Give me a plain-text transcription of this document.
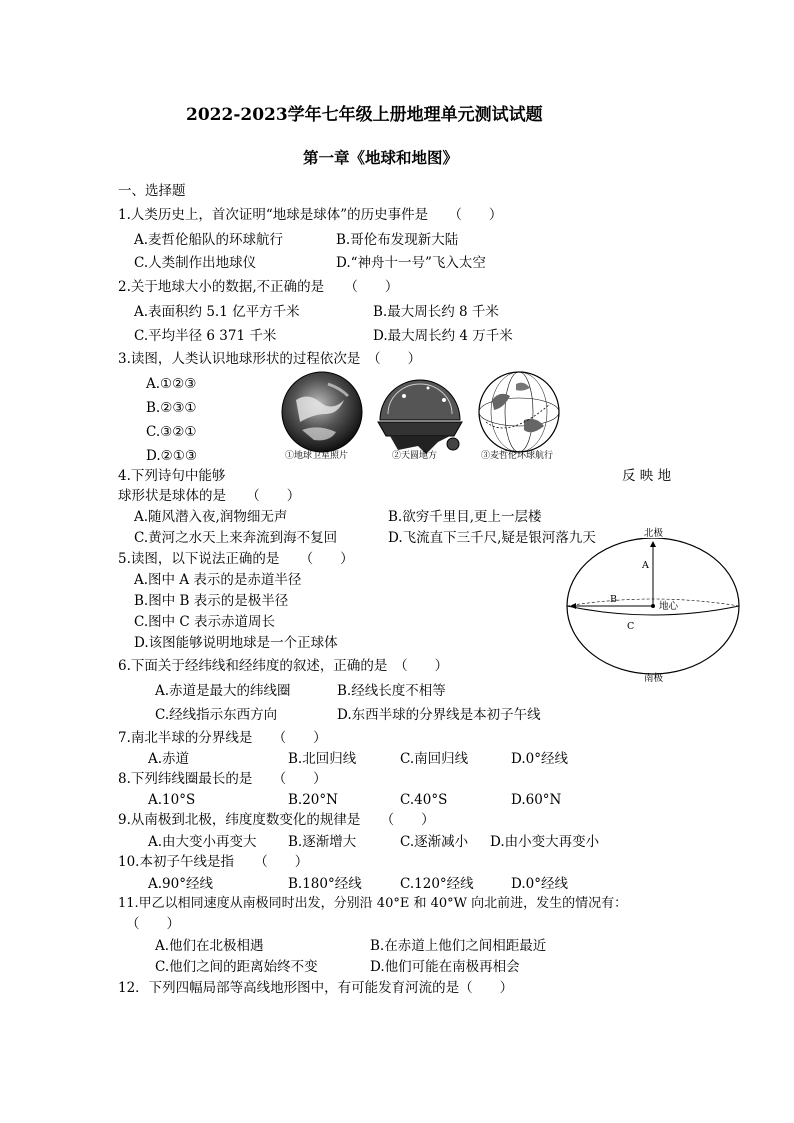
2022-2023学年七年级上册地理单元测试试题
第一章《地球和地图》
一、选择题
1.人类历史上，首次证明“地球是球体”的历史事件是　　（　　）
A.麦哲伦船队的环球航行	B.哥伦布发现新大陆
C.人类制作出地球仪	D.“神舟十一号”飞入太空
2.关于地球大小的数据,不正确的是　　（　　）
A.表面积约 5.1 亿平方千米	B.最大周长约 8 千米
C.平均半径 6 371 千米	D.最大周长约 4 万千米
3.读图，人类认识地球形状的过程依次是　（　　）
A.①②③
B.②③①
C.③②①
D.②①③	①地球卫星照片	②天圆地方	③麦哲伦环球航行
4.下列诗句中能够	反 映 地
球形状是球体的是　　（　　）
A.随风潜入夜,润物细无声	B.欲穷千里目,更上一层楼
C.黄河之水天上来奔流到海不复回	D.飞流直下三千尺,疑是银河落九天
5.读图，以下说法正确的是　　（　　）
A.图中 A 表示的是赤道半径
B.图中 B 表示的是极半径
C.图中 C 表示赤道周长
D.该图能够说明地球是一个正球体
北极
南极
地心
A
B
C
6.下面关于经纬线和经纬度的叙述，正确的是　（　　）
A.赤道是最大的纬线圈	B.经线长度不相等
C.经线指示东西方向	D.东西半球的分界线是本初子午线
7.南北半球的分界线是　　（　　）
A.赤道	B.北回归线	C.南回归线	D.0°经线
8.下列纬线圈最长的是　　（　　）
A.10°S	B.20°N	C.40°S	D.60°N
9.从南极到北极，纬度度数变化的规律是　　（　　）
A.由大变小再变大 B.逐渐增大	C.逐渐减小 D.由小变大再变小
10.本初子午线是指　　（　　）
A.90°经线	B.180°经线	C.120°经线	D.0°经线
11.甲乙以相同速度从南极同时出发，分别沿 40°E 和 40°W 向北前进，发生的情况有：
（　　）
A.他们在北极相遇	B.在赤道上他们之间相距最近
C.他们之间的距离始终不变	D.他们可能在南极再相会
12．下列四幅局部等高线地形图中，有可能发育河流的是（　　）
